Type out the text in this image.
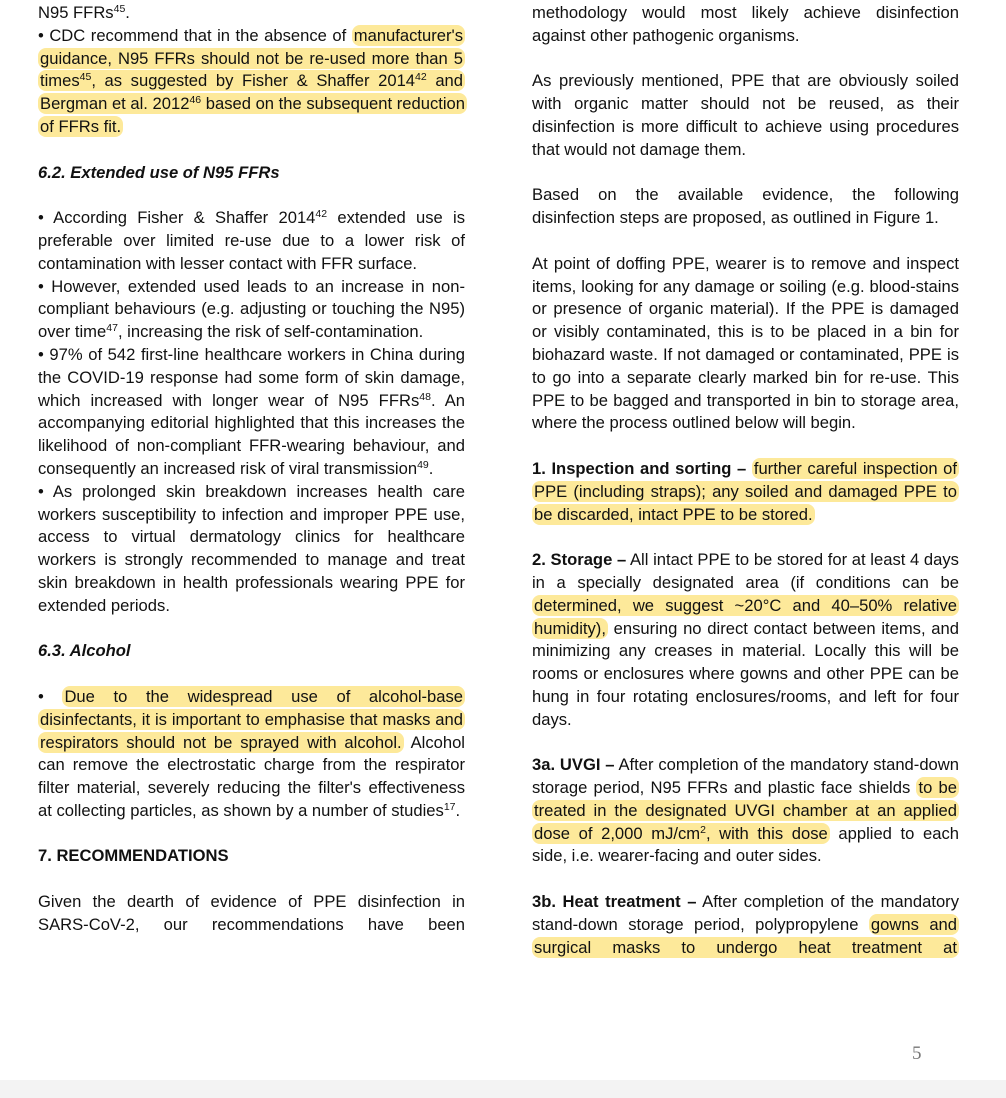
N95 FFRs$^{45}$.

• CDC recommend that in the absence of manufacturer's guidance, N95 FFRs should not be re-used more than 5 times$^{45}$, as suggested by Fisher & Shaffer 2014$^{42}$ and Bergman et al. 2012$^{46}$ based on the subsequent reduction of FFRs fit.

6.2. Extended use of N95 FFRs

• According Fisher & Shaffer 2014$^{42}$ extended use is preferable over limited re-use due to a lower risk of contamination with lesser contact with FFR surface.

• However, extended used leads to an increase in non-compliant behaviours (e.g. adjusting or touching the N95) over time$^{47}$, increasing the risk of self-contamination.

• 97% of 542 first-line healthcare workers in China during the COVID-19 response had some form of skin damage, which increased with longer wear of N95 FFRs$^{48}$. An accompanying editorial highlighted that this increases the likelihood of non-compliant FFR-wearing behaviour, and consequently an increased risk of viral transmission$^{49}$.

• As prolonged skin breakdown increases health care workers susceptibility to infection and improper PPE use, access to virtual dermatology clinics for healthcare workers is strongly recommended to manage and treat skin breakdown in health professionals wearing PPE for extended periods.

6.3. Alcohol

• Due to the widespread use of alcohol-base disinfectants, it is important to emphasise that masks and respirators should not be sprayed with alcohol. Alcohol can remove the electrostatic charge from the respirator filter material, severely reducing the filter's effectiveness at collecting particles, as shown by a number of studies$^{17}$.

7. RECOMMENDATIONS

Given the dearth of evidence of PPE disinfection in SARS-CoV-2, our recommendations have been

methodology would most likely achieve disinfection against other pathogenic organisms.

As previously mentioned, PPE that are obviously soiled with organic matter should not be reused, as their disinfection is more difficult to achieve using procedures that would not damage them.

Based on the available evidence, the following disinfection steps are proposed, as outlined in Figure 1.

At point of doffing PPE, wearer is to remove and inspect items, looking for any damage or soiling (e.g. blood-stains or presence of organic material). If the PPE is damaged or visibly contaminated, this is to be placed in a bin for biohazard waste. If not damaged or contaminated, PPE is to go into a separate clearly marked bin for re-use. This PPE to be bagged and transported in bin to storage area, where the process outlined below will begin.

1. Inspection and sorting – further careful inspection of PPE (including straps); any soiled and damaged PPE to be discarded, intact PPE to be stored.

2. Storage – All intact PPE to be stored for at least 4 days in a specially designated area (if conditions can be determined, we suggest ~20°C and 40–50% relative humidity), ensuring no direct contact between items, and minimizing any creases in material. Locally this will be rooms or enclosures where gowns and other PPE can be hung in four rotating enclosures/rooms, and left for four days.

3a. UVGI – After completion of the mandatory stand-down storage period, N95 FFRs and plastic face shields to be treated in the designated UVGI chamber at an applied dose of 2,000 $mJ/cm^2$, with this dose applied to each side, i.e. wearer-facing and outer sides.

3b. Heat treatment – After completion of the mandatory stand-down storage period, polypropylene gowns and surgical masks to undergo heat treatment at

5
